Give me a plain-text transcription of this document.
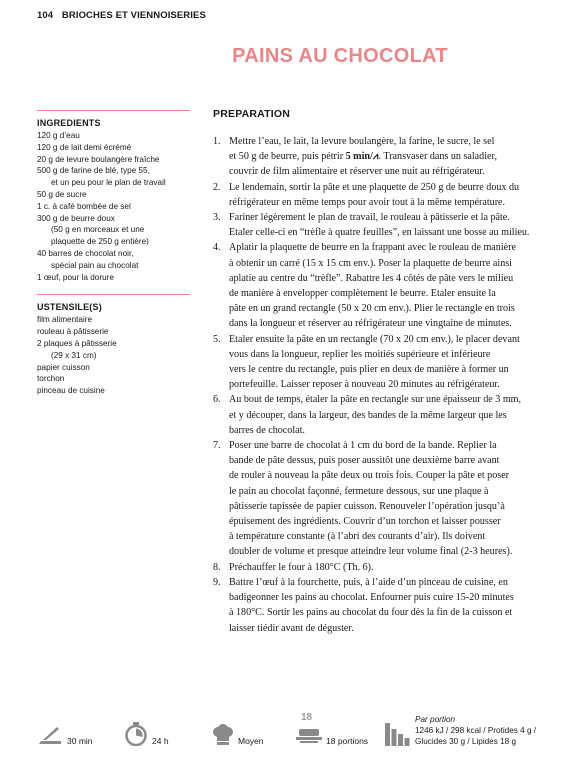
104 BRIOCHES ET VIENNOISERIES
PAINS AU CHOCOLAT
INGREDIENTS
120 g d’eau
120 g de lait demi écrémé
20 g de levure boulangère fraîche
500 g de farine de blé, type 55,
et un peu pour le plan de travail
50 g de sucre
1 c. à café bombée de sel
300 g de beurre doux
(50 g en morceaux et une
plaquette de 250 g entière)
40 barres de chocolat noir,
spécial pain au chocolat
1 œuf, pour la dorure
USTENSILE(S)
film alimentaire
rouleau à pâtisserie
2 plaques à pâtisserie
(29 x 31 cm)
papier cuisson
torchon
pinceau de cuisine
PREPARATION
1. Mettre l’eau, le lait, la levure boulangère, la farine, le sucre, le sel
et 50 g de beurre, puis pétrir 5 min/⩘. Transvaser dans un saladier,
couvrir de film alimentaire et réserver une nuit au réfrigérateur.
2. Le lendemain, sortir la pâte et une plaquette de 250 g de beurre doux du
réfrigérateur en même temps pour avoir tout à la même température.
3. Fariner légèrement le plan de travail, le rouleau à pâtisserie et la pâte.
Etaler celle-ci en “trèfle à quatre feuilles”, en laissant une bosse au milieu.
4. Aplatir la plaquette de beurre en la frappant avec le rouleau de manière
à obtenir un carré (15 x 15 cm env.). Poser la plaquette de beurre ainsi
aplatie au centre du “trèfle”. Rabattre les 4 côtés de pâte vers le milieu
de manière à envelopper complètement le beurre. Etaler ensuite la
pâte en un grand rectangle (50 x 20 cm env.). Plier le rectangle en trois
dans la longueur et réserver au réfrigérateur une vingtaine de minutes.
5. Etaler ensuite la pâte en un rectangle (70 x 20 cm env.), le placer devant
vous dans la longueur, replier les moitiés supérieure et inférieure
vers le centre du rectangle, puis plier en deux de manière à former un
portefeuille. Laisser reposer à nouveau 20 minutes au réfrigérateur.
6. Au bout de temps, étaler la pâte en rectangle sur une épaisseur de 3 mm,
et y découper, dans la largeur, des bandes de la même largeur que les
barres de chocolat.
7. Poser une barre de chocolat à 1 cm du bord de la bande. Replier la
bande de pâte dessus, puis poser aussitôt une deuxième barre avant
de rouler à nouveau la pâte deux ou trois fois. Couper la pâte et poser
le pain au chocolat façonné, fermeture dessous, sur une plaque à
pâtisserie tapissée de papier cuisson. Renouveler l’opération jusqu’à
épuisement des ingrédients. Couvrir d’un torchon et laisser pousser
à température constante (à l’abri des courants d’air). Ils doivent
doubler de volume et presque atteindre leur volume final (2-3 heures).
8. Préchauffer le four à 180°C (Th. 6).
9. Battre l’œuf à la fourchette, puis, à l’aide d’un pinceau de cuisine, en
badigeonner les pains au chocolat. Enfourner puis cuire 15-20 minutes
à 180°C. Sortir les pains au chocolat du four dès la fin de la cuisson et
laisser tiédir avant de déguster.
30 min	24 h	Moyen
18
18 portions
Par portion
1246 kJ / 298 kcal / Protides 4 g /
Glucides 30 g / Lipides 18 g
